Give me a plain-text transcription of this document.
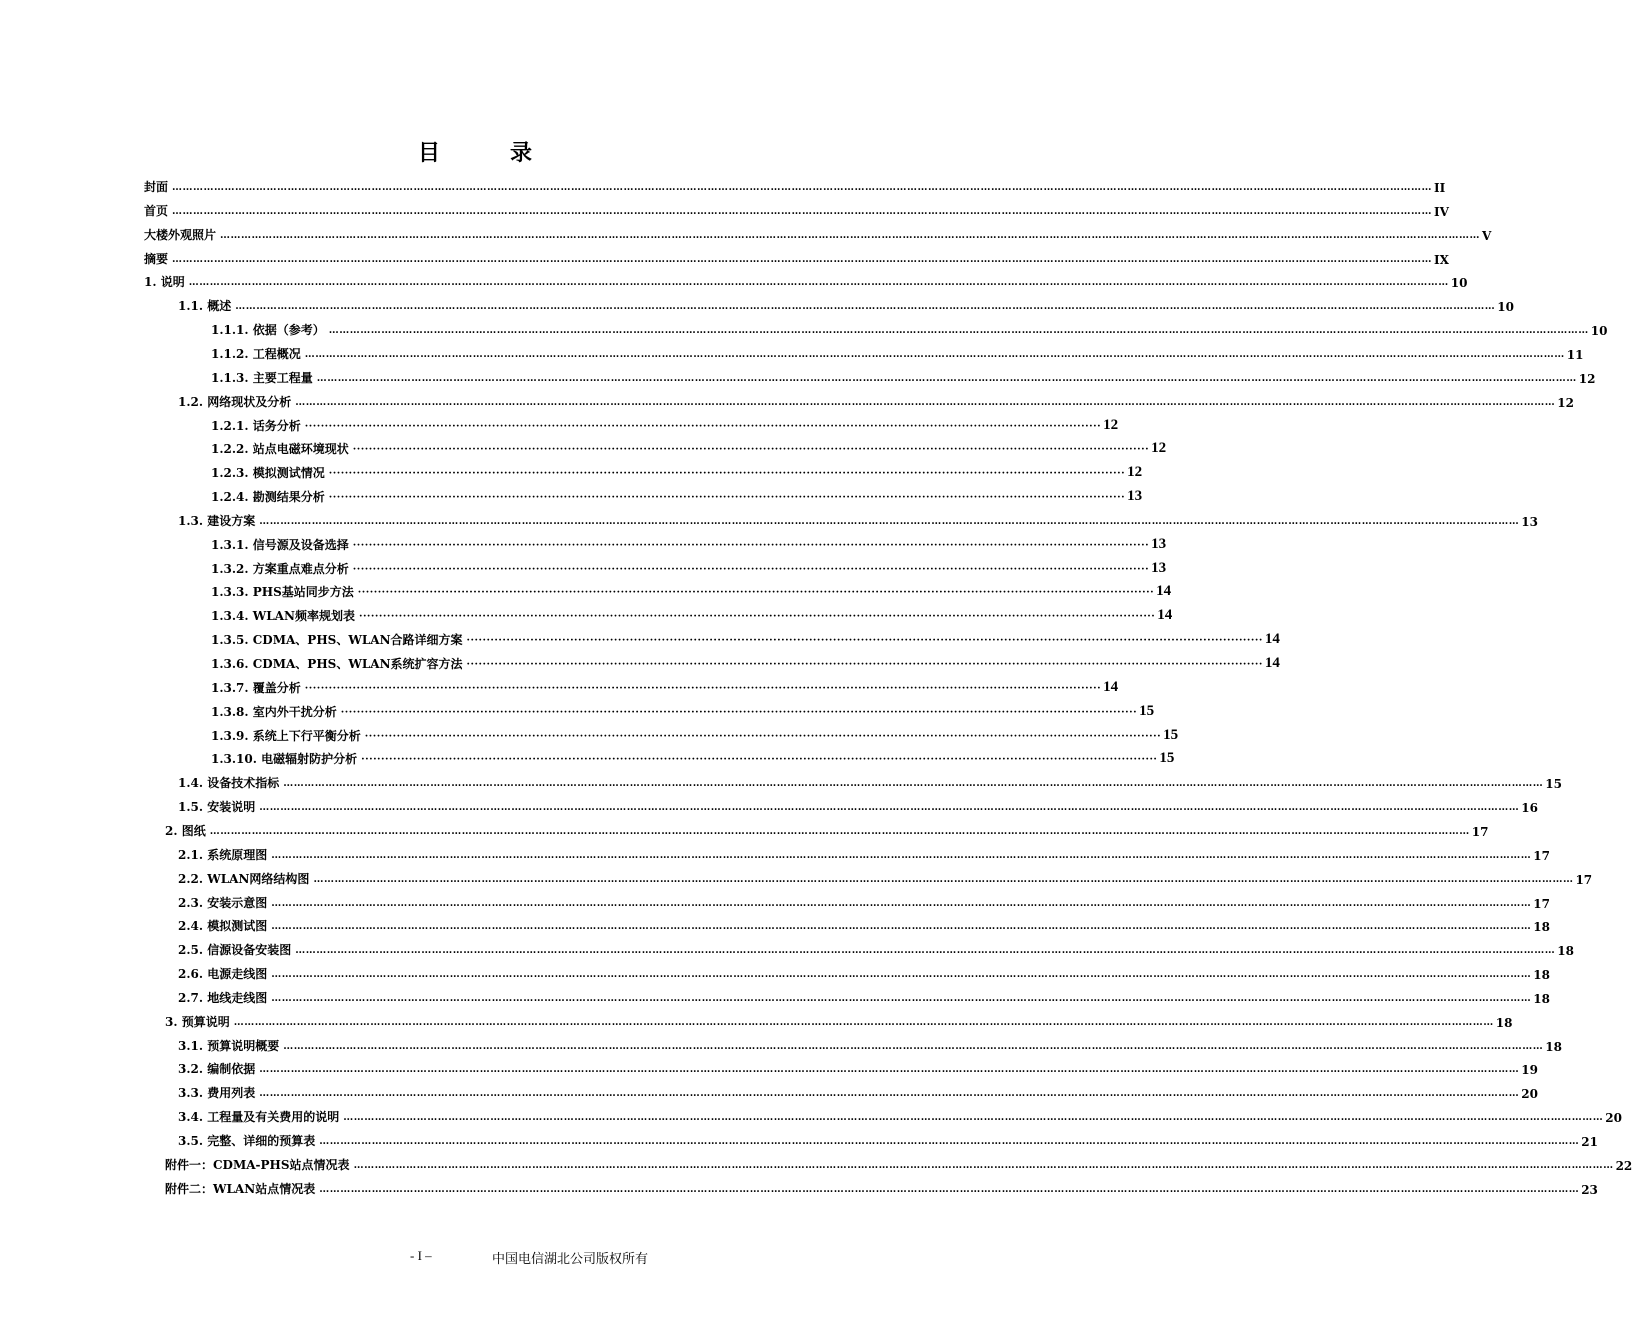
目	录
封面 ……………………………………………………………………………………………………………………………………………………………………………………………………………………………………………………………………………………………………………………………… II
首页 ……………………………………………………………………………………………………………………………………………………………………………………………………………………………………………………………………………………………………………………………… IV
大楼外观照片 ……………………………………………………………………………………………………………………………………………………………………………………………………………………………………………………………………………………………………………………………… V
摘要 ……………………………………………………………………………………………………………………………………………………………………………………………………………………………………………………………………………………………………………………………… IX
1. 说明 ……………………………………………………………………………………………………………………………………………………………………………………………………………………………………………………………………………………………………………………………… 10
1.1. 概述 ……………………………………………………………………………………………………………………………………………………………………………………………………………………………………………………………………………………………………………………………… 10
1.1.1. 依据（参考） ……………………………………………………………………………………………………………………………………………………………………………………………………………………………………………………………………………………………………………………………… 10
1.1.2. 工程概况 ……………………………………………………………………………………………………………………………………………………………………………………………………………………………………………………………………………………………………………………………… 11
1.1.3. 主要工程量 ……………………………………………………………………………………………………………………………………………………………………………………………………………………………………………………………………………………………………………………………… 12
1.2. 网络现状及分析 ……………………………………………………………………………………………………………………………………………………………………………………………………………………………………………………………………………………………………………………………… 12
1.2.1. 话务分析 ········································································································································································································ 12
1.2.2. 站点电磁环境现状 ········································································································································································································ 12
1.2.3. 模拟测试情况 ········································································································································································································ 12
1.2.4. 勘测结果分析 ········································································································································································································ 13
1.3. 建设方案 ……………………………………………………………………………………………………………………………………………………………………………………………………………………………………………………………………………………………………………………………… 13
1.3.1. 信号源及设备选择 ········································································································································································································ 13
1.3.2. 方案重点难点分析 ········································································································································································································ 13
1.3.3. PHS基站同步方法 ········································································································································································································ 14
1.3.4. WLAN频率规划表 ········································································································································································································ 14
1.3.5. CDMA、PHS、WLAN合路详细方案 ········································································································································································································ 14
1.3.6. CDMA、PHS、WLAN系统扩容方法 ········································································································································································································ 14
1.3.7. 覆盖分析 ········································································································································································································ 14
1.3.8. 室内外干扰分析 ········································································································································································································ 15
1.3.9. 系统上下行平衡分析 ········································································································································································································ 15
1.3.10. 电磁辐射防护分析 ········································································································································································································ 15
1.4. 设备技术指标 ……………………………………………………………………………………………………………………………………………………………………………………………………………………………………………………………………………………………………………………………… 15
1.5. 安装说明 ……………………………………………………………………………………………………………………………………………………………………………………………………………………………………………………………………………………………………………………………… 16
2. 图纸 ……………………………………………………………………………………………………………………………………………………………………………………………………………………………………………………………………………………………………………………………… 17
2.1. 系统原理图 ……………………………………………………………………………………………………………………………………………………………………………………………………………………………………………………………………………………………………………………………… 17
2.2. WLAN网络结构图 ……………………………………………………………………………………………………………………………………………………………………………………………………………………………………………………………………………………………………………………………… 17
2.3. 安装示意图 ……………………………………………………………………………………………………………………………………………………………………………………………………………………………………………………………………………………………………………………………… 17
2.4. 模拟测试图 ……………………………………………………………………………………………………………………………………………………………………………………………………………………………………………………………………………………………………………………………… 18
2.5. 信源设备安装图 ……………………………………………………………………………………………………………………………………………………………………………………………………………………………………………………………………………………………………………………………… 18
2.6. 电源走线图 ……………………………………………………………………………………………………………………………………………………………………………………………………………………………………………………………………………………………………………………………… 18
2.7. 地线走线图 ……………………………………………………………………………………………………………………………………………………………………………………………………………………………………………………………………………………………………………………………… 18
3. 预算说明 ……………………………………………………………………………………………………………………………………………………………………………………………………………………………………………………………………………………………………………………………… 18
3.1. 预算说明概要 ……………………………………………………………………………………………………………………………………………………………………………………………………………………………………………………………………………………………………………………………… 18
3.2. 编制依据 ……………………………………………………………………………………………………………………………………………………………………………………………………………………………………………………………………………………………………………………………… 19
3.3. 费用列表 ……………………………………………………………………………………………………………………………………………………………………………………………………………………………………………………………………………………………………………………………… 20
3.4. 工程量及有关费用的说明 ……………………………………………………………………………………………………………………………………………………………………………………………………………………………………………………………………………………………………………………………… 20
3.5. 完整、详细的预算表 ……………………………………………………………………………………………………………………………………………………………………………………………………………………………………………………………………………………………………………………………… 21
附件一：CDMA-PHS站点情况表 ……………………………………………………………………………………………………………………………………………………………………………………………………………………………………………………………………………………………………………………………… 22
附件二：WLAN站点情况表 ……………………………………………………………………………………………………………………………………………………………………………………………………………………………………………………………………………………………………………………………… 23
- I –	中国电信湖北公司版权所有
